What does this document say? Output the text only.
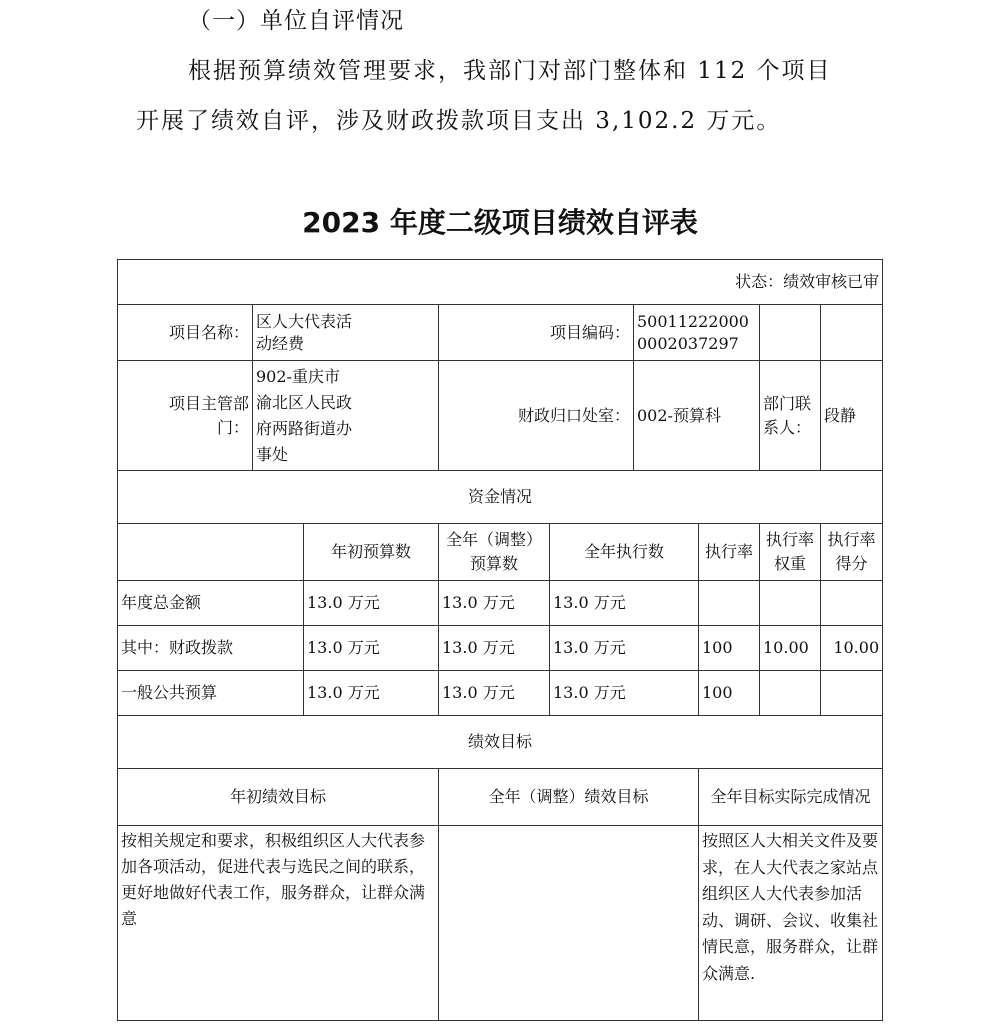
（一）单位自评情况
根据预算绩效管理要求，我部门对部门整体和 112 个项目
开展了绩效自评，涉及财政拨款项目支出 3,102.2 万元。
2023 年度二级项目绩效自评表
状态：绩效审核已审								
项目名称：	区人大代表活动经费		项目编码：		500112220000002037297			
项目主管部门：	902-重庆市渝北区人民政府两路街道办事处		财政归口处室：		002-预算科		部门联系人：	段静
资金情况								
		年初预算数	全年（调整）预算数	全年执行数		执行率	执行率权重	执行率得分
年度总金额		13.0 万元	13.0 万元	13.0 万元				
其中：财政拨款		13.0 万元	13.0 万元	13.0 万元		100	10.00	10.00
一般公共预算		13.0 万元	13.0 万元	13.0 万元		100		
绩效目标								
年初绩效目标			全年（调整）绩效目标			全年目标实际完成情况		
按相关规定和要求，积极组织区人大代表参加各项活动，促进代表与选民之间的联系，更好地做好代表工作，服务群众，让群众满意						按照区人大相关文件及要求，在人大代表之家站点组织区人大代表参加活动、调研、会议、收集社情民意，服务群众，让群众满意.		
